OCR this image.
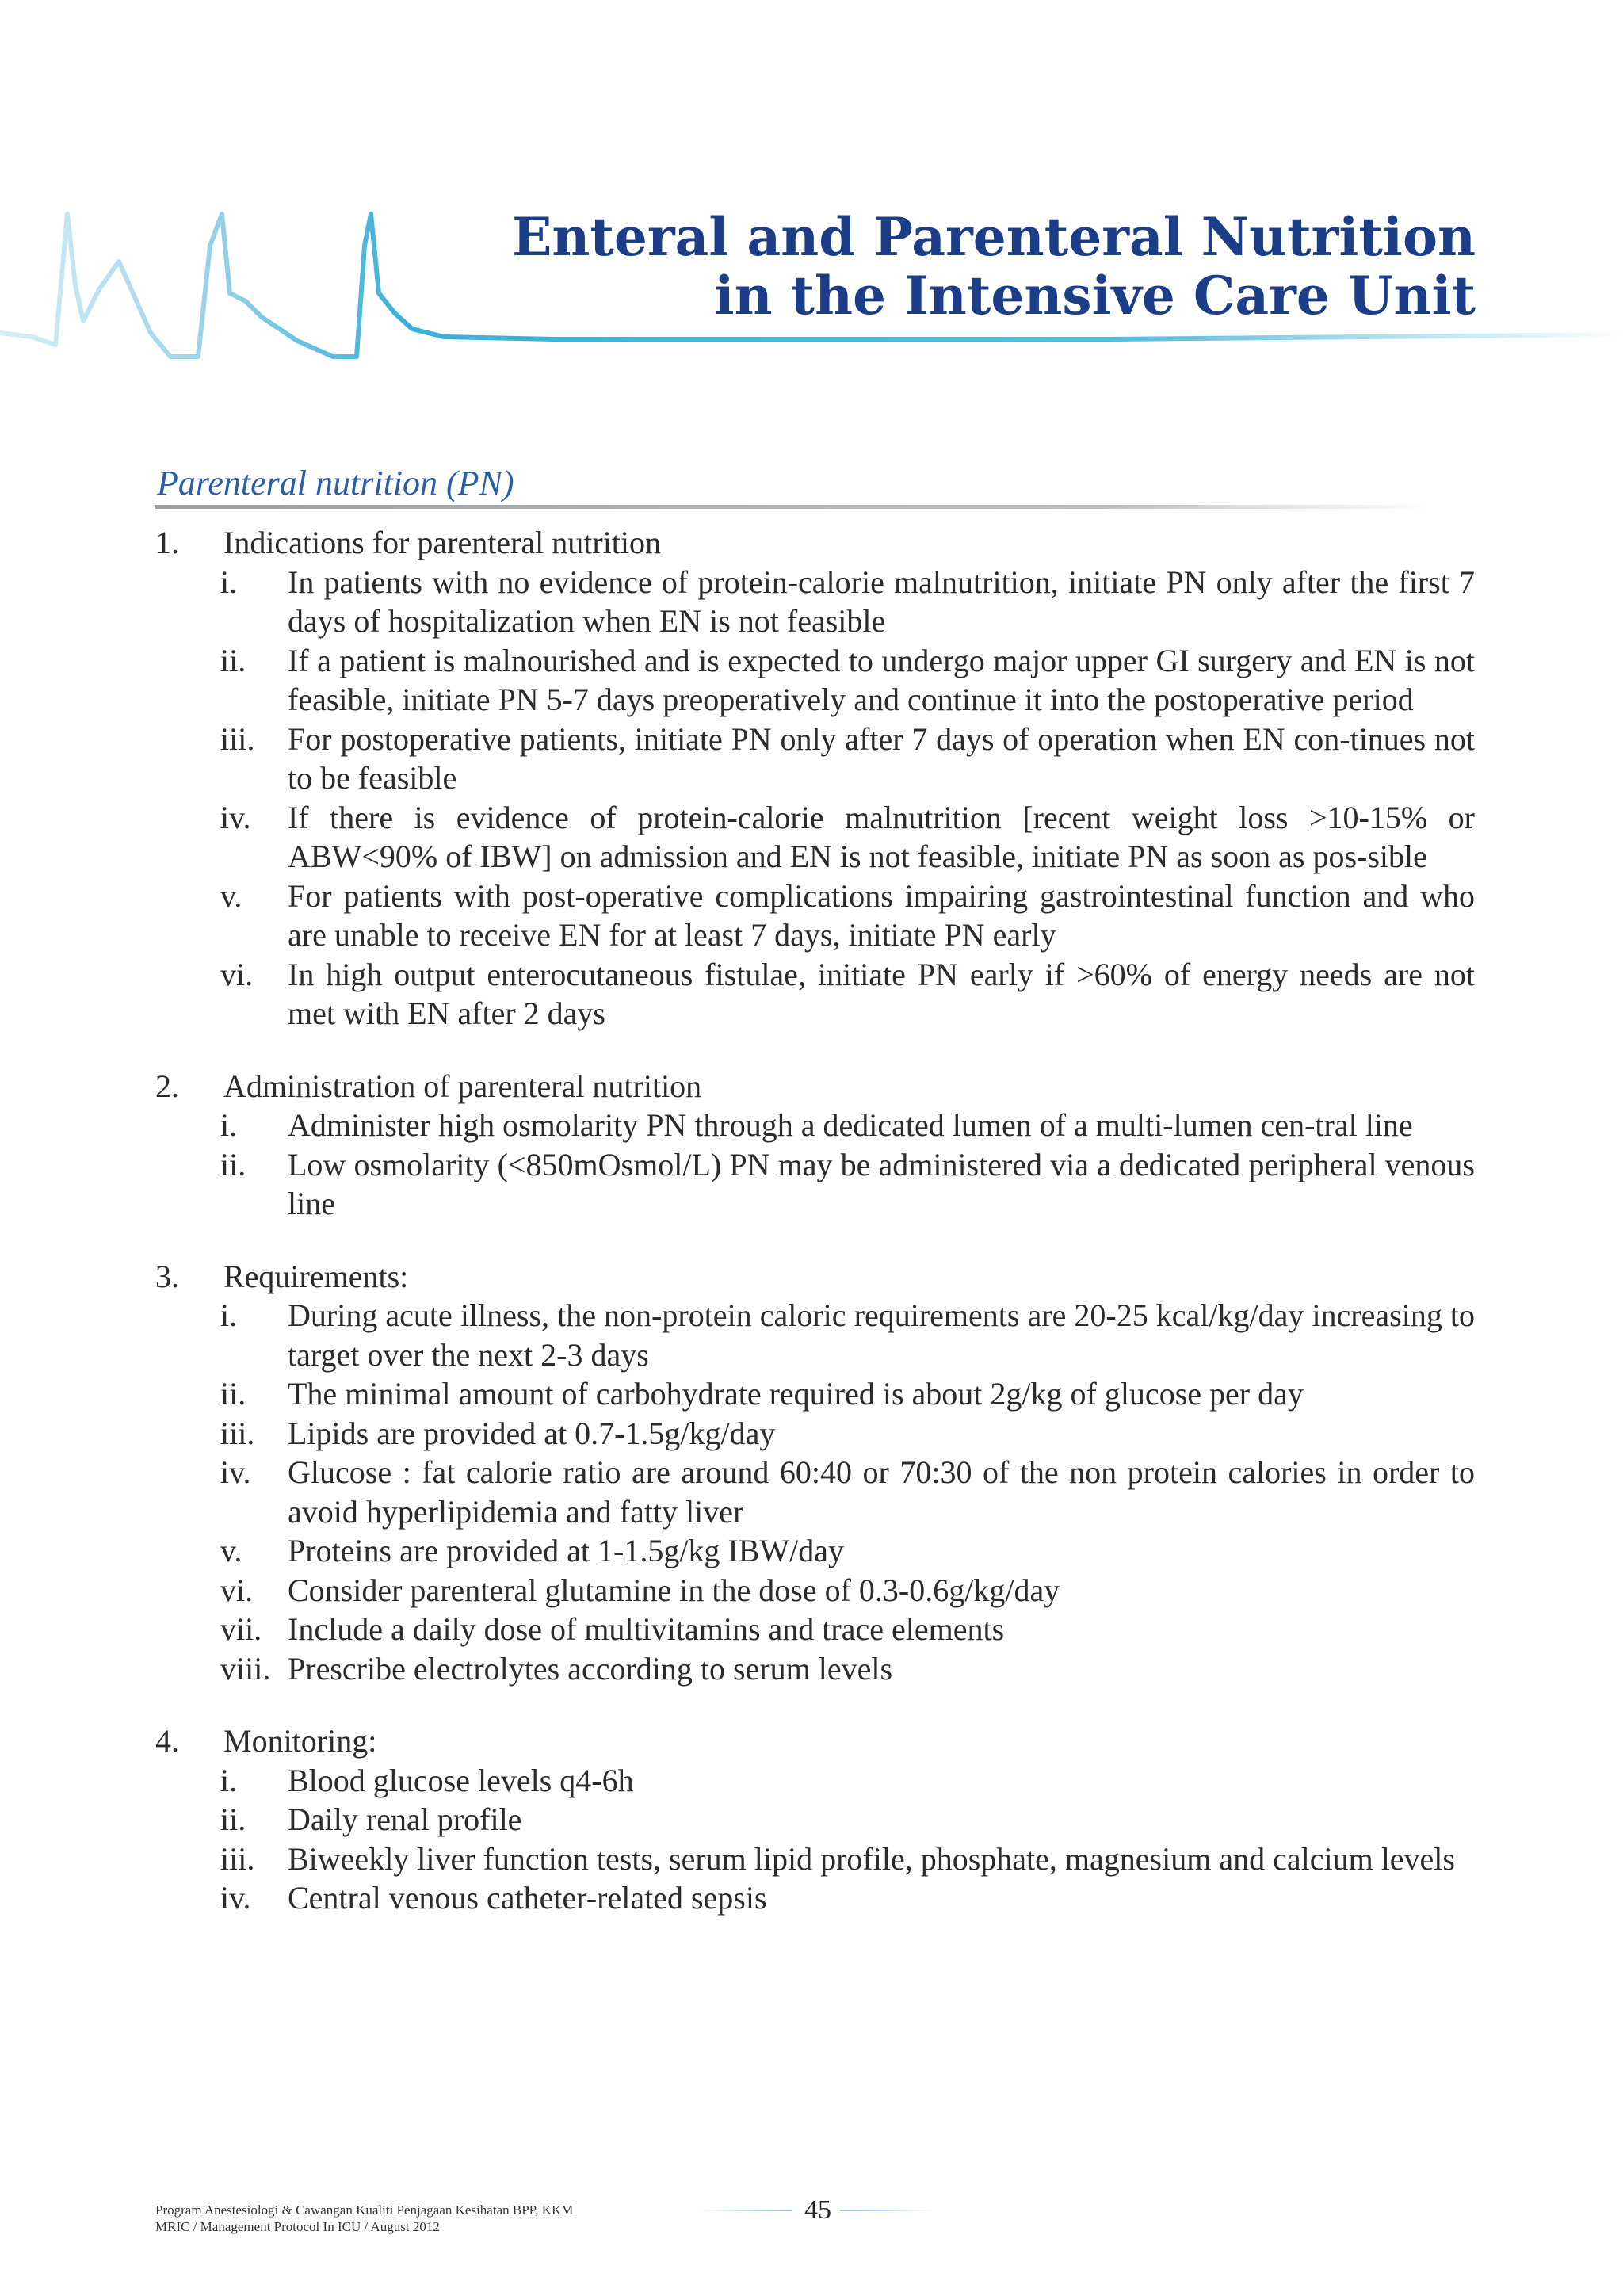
Enteral and Parenteral Nutrition
in the Intensive Care Unit
Parenteral nutrition (PN)
1.	Indications for parenteral nutrition
i.	In patients with no evidence of protein-calorie malnutrition, initiate PN only after the first 7 days of hospitalization when EN is not feasible
ii.	If a patient is malnourished and is expected to undergo major upper GI surgery and EN is not feasible, initiate PN 5-7 days preoperatively and continue it into the postoperative period
iii.	For postoperative patients, initiate PN only after 7 days of operation when EN con-tinues not to be feasible
iv.	If there is evidence of protein-calorie malnutrition [recent weight loss >10-15% or ABW<90% of IBW] on admission and EN is not feasible, initiate PN as soon as pos-sible
v.	For patients with post-operative complications impairing gastrointestinal function and who are unable to receive EN for at least 7 days, initiate PN early
vi.	In high output enterocutaneous fistulae, initiate PN early if >60% of energy needs are not met with EN after 2 days
2.	Administration of parenteral nutrition
i.	Administer high osmolarity PN through a dedicated lumen of a multi-lumen cen-tral line
ii.	Low osmolarity (<850mOsmol/L) PN may be administered via a dedicated peripheral venous line
3.	Requirements:
i.	During acute illness, the non-protein caloric requirements are 20-25 kcal/kg/day increasing to target over the next 2-3 days
ii.	The minimal amount of carbohydrate required is about 2g/kg of glucose per day
iii.	Lipids are provided at 0.7-1.5g/kg/day
iv.	Glucose : fat calorie ratio are around 60:40 or 70:30 of the non protein calories in order to avoid hyperlipidemia and fatty liver
v.	Proteins are provided at 1-1.5g/kg IBW/day
vi.	Consider parenteral glutamine in the dose of 0.3-0.6g/kg/day
vii. Include a daily dose of multivitamins and trace elements
viii. Prescribe electrolytes according to serum levels
4.	Monitoring:
i.	Blood glucose levels q4-6h
ii.	Daily renal profile
iii.	Biweekly liver function tests, serum lipid profile, phosphate, magnesium and calcium levels
iv.	Central venous catheter-related sepsis
Program Anestesiologi & Cawangan Kualiti Penjagaan Kesihatan BPP, KKM
MRIC / Management Protocol In ICU / August 2012
45
